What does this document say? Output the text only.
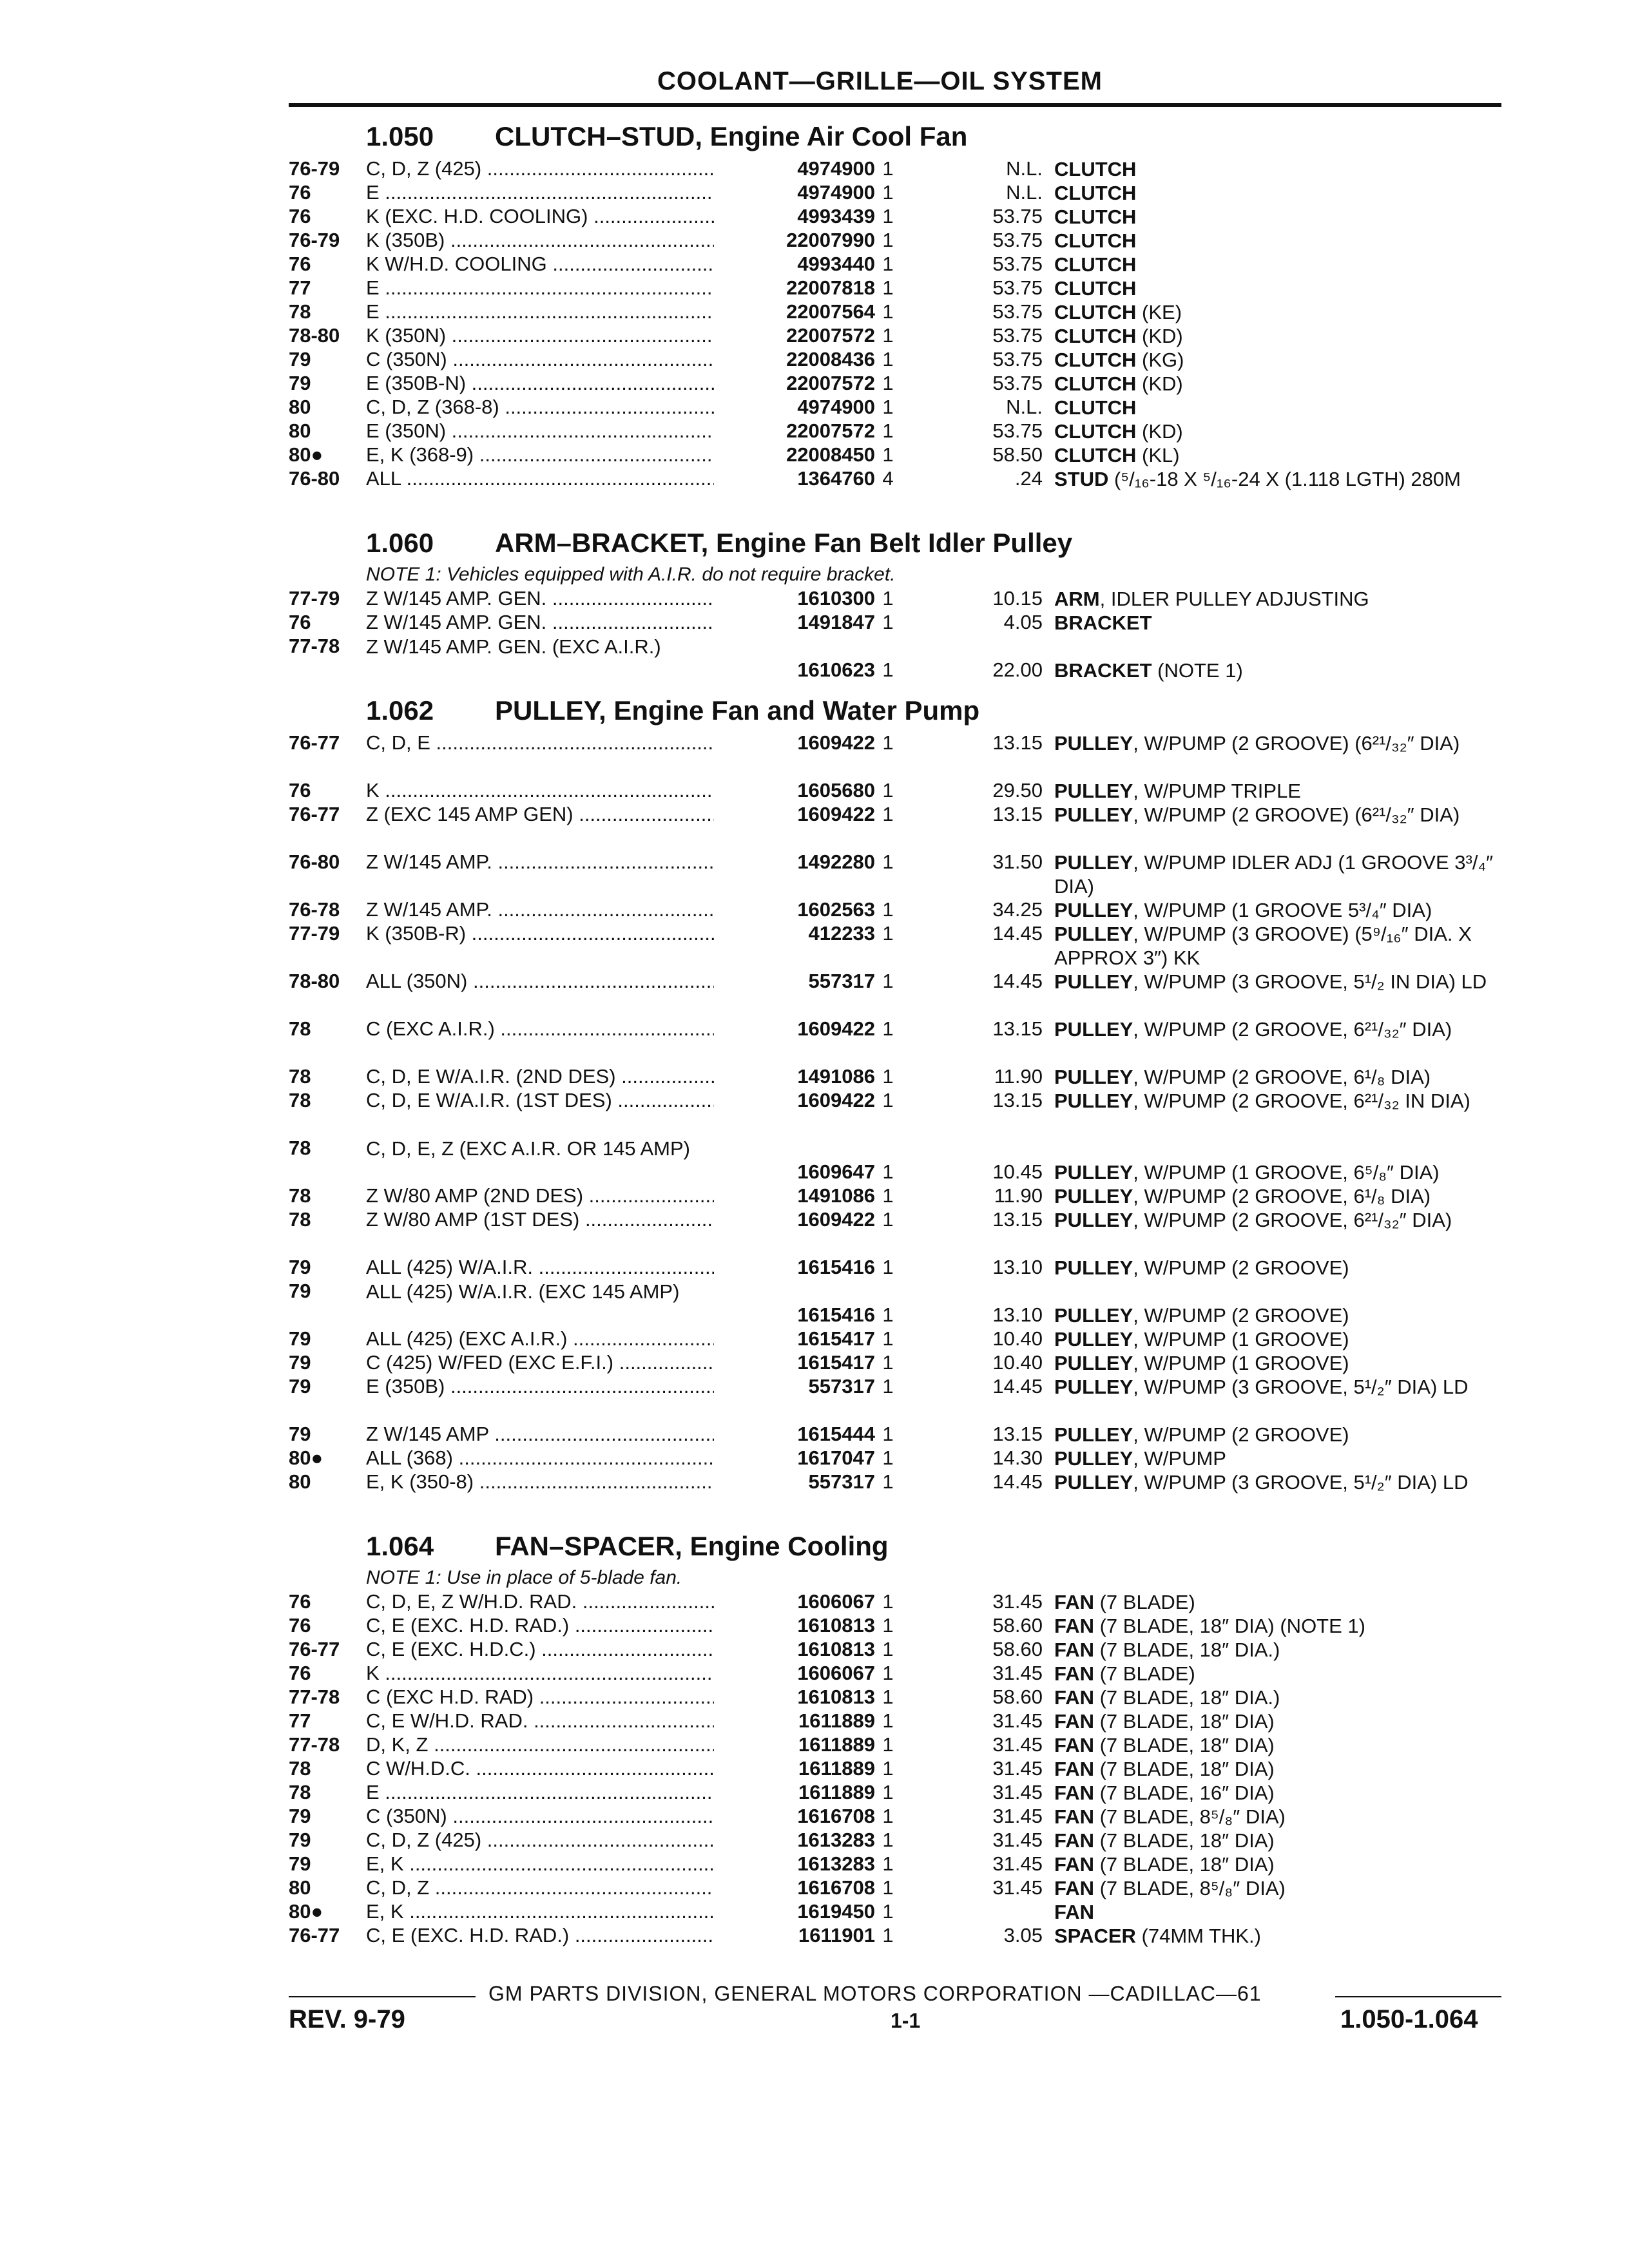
COOLANT—GRILLE—OIL SYSTEM
1.050 CLUTCH–STUD, Engine Air Cool Fan
76-79	C, D, Z (425) .....	4974900 1	N.L. CLUTCH
76	E .....	4974900 1	N.L. CLUTCH
76	K (EXC. H.D. COOLING) .....	4993439 1	53.75 CLUTCH
76-79	K (350B) .....	22007990 1	53.75 CLUTCH
76	K W/H.D. COOLING .....	4993440 1	53.75 CLUTCH
77	E .....	22007818 1	53.75 CLUTCH
78	E .....	22007564 1	53.75 CLUTCH (KE)
78-80	K (350N) .....	22007572 1	53.75 CLUTCH (KD)
79	C (350N) .....	22008436 1	53.75 CLUTCH (KG)
79	E (350B-N) .....	22007572 1	53.75 CLUTCH (KD)
80	C, D, Z (368-8) .....	4974900 1	N.L. CLUTCH
80	E (350N) .....	22007572 1	53.75 CLUTCH (KD)
80●	E, K (368-9) .....	22008450 1	58.50 CLUTCH (KL)
76-80	ALL .....	1364760 4	.24 STUD (⁵/₁₆-18 X ⁵/₁₆-24 X (1.118 LGTH) 280M
1.060 ARM–BRACKET, Engine Fan Belt Idler Pulley
NOTE 1: Vehicles equipped with A.I.R. do not require bracket.
77-79	Z W/145 AMP. GEN. .....	1610300 1	10.15 ARM, IDLER PULLEY ADJUSTING
76	Z W/145 AMP. GEN. .....	1491847 1	4.05 BRACKET
77-78	Z W/145 AMP. GEN. (EXC A.I.R.)
1610623 1	22.00 BRACKET (NOTE 1)
1.062 PULLEY, Engine Fan and Water Pump
76-77	C, D, E .....	1609422 1	13.15 PULLEY, W/PUMP (2 GROOVE) (6²¹/₃₂″ DIA)
76	K .....	1605680 1	29.50 PULLEY, W/PUMP TRIPLE
76-77	Z (EXC 145 AMP GEN) .....	1609422 1	13.15 PULLEY, W/PUMP (2 GROOVE) (6²¹/₃₂″ DIA)
76-80	Z W/145 AMP. .....	1492280 1	31.50 PULLEY, W/PUMP IDLER ADJ (1 GROOVE 3³/₄″ DIA)
76-78	Z W/145 AMP. .....	1602563 1	34.25 PULLEY, W/PUMP (1 GROOVE 5³/₄″ DIA)
77-79	K (350B-R) .....	412233 1	14.45 PULLEY, W/PUMP (3 GROOVE) (5⁹/₁₆″ DIA. X APPROX 3″) KK
78-80	ALL (350N) .....	557317 1	14.45 PULLEY, W/PUMP (3 GROOVE, 5¹/₂ IN DIA) LD
78	C (EXC A.I.R.) .....	1609422 1	13.15 PULLEY, W/PUMP (2 GROOVE, 6²¹/₃₂″ DIA)
78	C, D, E W/A.I.R. (2ND DES) .....	1491086 1	11.90 PULLEY, W/PUMP (2 GROOVE, 6¹/₈ DIA)
78	C, D, E W/A.I.R. (1ST DES) .....	1609422 1	13.15 PULLEY, W/PUMP (2 GROOVE, 6²¹/₃₂ IN DIA)
78	C, D, E, Z (EXC A.I.R. OR 145 AMP)
1609647 1	10.45 PULLEY, W/PUMP (1 GROOVE, 6⁵/₈″ DIA)
78	Z W/80 AMP (2ND DES) .....	1491086 1	11.90 PULLEY, W/PUMP (2 GROOVE, 6¹/₈ DIA)
78	Z W/80 AMP (1ST DES) .....	1609422 1	13.15 PULLEY, W/PUMP (2 GROOVE, 6²¹/₃₂″ DIA)
79	ALL (425) W/A.I.R. .....	1615416 1	13.10 PULLEY, W/PUMP (2 GROOVE)
79	ALL (425) W/A.I.R. (EXC 145 AMP)
1615416 1	13.10 PULLEY, W/PUMP (2 GROOVE)
79	ALL (425) (EXC A.I.R.) .....	1615417 1	10.40 PULLEY, W/PUMP (1 GROOVE)
79	C (425) W/FED (EXC E.F.I.) .....	1615417 1	10.40 PULLEY, W/PUMP (1 GROOVE)
79	E (350B) .....	557317 1	14.45 PULLEY, W/PUMP (3 GROOVE, 5¹/₂″ DIA) LD
79	Z W/145 AMP .....	1615444 1	13.15 PULLEY, W/PUMP (2 GROOVE)
80●	ALL (368) .....	1617047 1	14.30 PULLEY, W/PUMP
80	E, K (350-8) .....	557317 1	14.45 PULLEY, W/PUMP (3 GROOVE, 5¹/₂″ DIA) LD
1.064 FAN–SPACER, Engine Cooling
NOTE 1: Use in place of 5-blade fan.
76	C, D, E, Z W/H.D. RAD. .....	1606067 1	31.45 FAN (7 BLADE)
76	C, E (EXC. H.D. RAD.) .....	1610813 1	58.60 FAN (7 BLADE, 18″ DIA) (NOTE 1)
76-77	C, E (EXC. H.D.C.) .....	1610813 1	58.60 FAN (7 BLADE, 18″ DIA.)
76	K .....	1606067 1	31.45 FAN (7 BLADE)
77-78	C (EXC H.D. RAD) .....	1610813 1	58.60 FAN (7 BLADE, 18″ DIA.)
77	C, E W/H.D. RAD. .....	1611889 1	31.45 FAN (7 BLADE, 18″ DIA)
77-78	D, K, Z .....	1611889 1	31.45 FAN (7 BLADE, 18″ DIA)
78	C W/H.D.C. .....	1611889 1	31.45 FAN (7 BLADE, 18″ DIA)
78	E .....	1611889 1	31.45 FAN (7 BLADE, 16″ DIA)
79	C (350N) .....	1616708 1	31.45 FAN (7 BLADE, 8⁵/₈″ DIA)
79	C, D, Z (425) .....	1613283 1	31.45 FAN (7 BLADE, 18″ DIA)
79	E, K .....	1613283 1	31.45 FAN (7 BLADE, 18″ DIA)
80	C, D, Z .....	1616708 1	31.45 FAN (7 BLADE, 8⁵/₈″ DIA)
80●	E, K .....	1619450 1	FAN
76-77	C, E (EXC. H.D. RAD.) .....	1611901 1	3.05 SPACER (74MM THK.)
GM PARTS DIVISION, GENERAL MOTORS CORPORATION —CADILLAC—61
REV. 9-79	1-1	1.050-1.064
